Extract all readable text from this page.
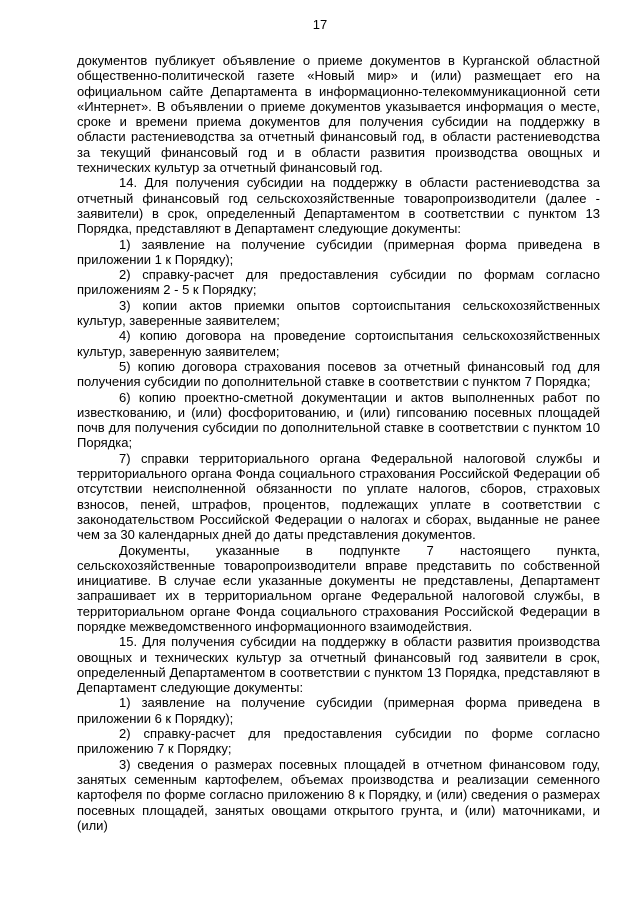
17

документов публикует объявление о приеме документов в Курганской областной общественно-политической газете «Новый мир» и (или) размещает его на официальном сайте Департамента в информационно-телекоммуникационной сети «Интернет». В объявлении о приеме документов указывается информация о месте, сроке и времени приема документов для получения субсидии на поддержку в области растениеводства за отчетный финансовый год, в области растениеводства за текущий финансовый год и в области развития производства овощных и технических культур за отчетный финансовый год.

14. Для получения субсидии на поддержку в области растениеводства за отчетный финансовый год сельскохозяйственные товаропроизводители (далее - заявители) в срок, определенный Департаментом в соответствии с пунктом 13 Порядка, представляют в Департамент следующие документы:

1) заявление на получение субсидии (примерная форма приведена в приложении 1 к Порядку);

2) справку-расчет для предоставления субсидии по формам согласно приложениям 2 - 5 к Порядку;

3) копии актов приемки опытов сортоиспытания сельскохозяйственных культур, заверенные заявителем;

4) копию договора на проведение сортоиспытания сельскохозяйственных культур, заверенную заявителем;

5) копию договора страхования посевов за отчетный финансовый год для получения субсидии по дополнительной ставке в соответствии с пунктом 7 Порядка;

6) копию проектно-сметной документации и актов выполненных работ по известкованию, и (или) фосфоритованию, и (или) гипсованию посевных площадей почв для получения субсидии по дополнительной ставке в соответствии с пунктом 10 Порядка;

7) справки территориального органа Федеральной налоговой службы и территориального органа Фонда социального страхования Российской Федерации об отсутствии неисполненной обязанности по уплате налогов, сборов, страховых взносов, пеней, штрафов, процентов, подлежащих уплате в соответствии с законодательством Российской Федерации о налогах и сборах, выданные не ранее чем за 30 календарных дней до даты представления документов.

Документы, указанные в подпункте 7 настоящего пункта, сельскохозяйственные товаропроизводители вправе представить по собственной инициативе. В случае если указанные документы не представлены, Департамент запрашивает их в территориальном органе Федеральной налоговой службы, в территориальном органе Фонда социального страхования Российской Федерации в порядке межведомственного информационного взаимодействия.

15. Для получения субсидии на поддержку в области развития производства овощных и технических культур за отчетный финансовый год заявители в срок, определенный Департаментом в соответствии с пунктом 13 Порядка, представляют в Департамент следующие документы:

1) заявление на получение субсидии (примерная форма приведена в приложении 6 к Порядку);

2) справку-расчет для предоставления субсидии по форме согласно приложению 7 к Порядку;

3) сведения о размерах посевных площадей в отчетном финансовом году, занятых семенным картофелем, объемах производства и реализации семенного картофеля по форме согласно приложению 8 к Порядку, и (или) сведения о размерах посевных площадей, занятых овощами открытого грунта, и (или) маточниками, и (или)
